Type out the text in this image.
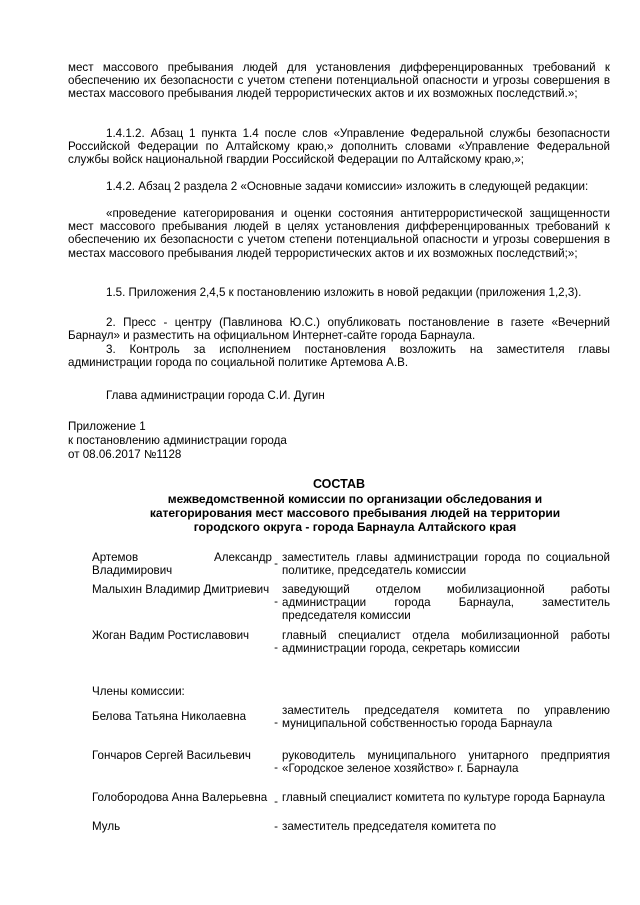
мест массового пребывания людей для установления дифференцированных требований к обеспечению их безопасности с учетом степени потенциальной опасности и угрозы совершения в местах массового пребывания людей террористических актов и их возможных последствий.»;

1.4.1.2. Абзац 1 пункта 1.4 после слов «Управление Федеральной службы безопасности Российской Федерации по Алтайскому краю,» дополнить словами «Управление Федеральной службы войск национальной гвардии Российской Федерации по Алтайскому краю,»;

1.4.2. Абзац 2 раздела 2 «Основные задачи комиссии» изложить в следующей редакции:

«проведение категорирования и оценки состояния антитеррористической защищенности мест массового пребывания людей в целях установления дифференцированных требований к обеспечению их безопасности с учетом степени потенциальной опасности и угрозы совершения в местах массового пребывания людей террористических актов и их возможных последствий;»;

1.5. Приложения 2,4,5 к постановлению изложить в новой редакции (приложения 1,2,3).

2. Пресс - центру (Павлинова Ю.С.) опубликовать постановление в газете «Вечерний Барнаул» и разместить на официальном Интернет-сайте города Барнаула.

3. Контроль за исполнением постановления возложить на заместителя главы администрации города по социальной политике Артемова А.В.

Глава администрации города С.И. Дугин
Приложение 1
к постановлению администрации города
от 08.06.2017 №1128
СОСТАВ
межведомственной комиссии по организации обследования и категорирования мест массового пребывания людей на территории городского округа - города Барнаула Алтайского края
Артемов Александр Владимирович
- заместитель главы администрации города по социальной политике, председатель комиссии
Малыхин Владимир Дмитриевич
-
заведующий отделом мобилизационной работы администрации города Барнаула, заместитель председателя комиссии
Жоган Вадим Ростиславович
-
главный специалист отдела мобилизационной работы администрации города, секретарь комиссии
Члены комиссии:
Белова Татьяна Николаевна	-
заместитель председателя комитета по управлению муниципальной собственностью города Барнаула
Гончаров Сергей Васильевич
-
руководитель муниципального унитарного предприятия «Городское зеленое хозяйство» г. Барнаула
Голобородова Анна Валерьевна - главный специалист комитета по культуре города Барнаула
Муль	- заместитель председателя комитета по
